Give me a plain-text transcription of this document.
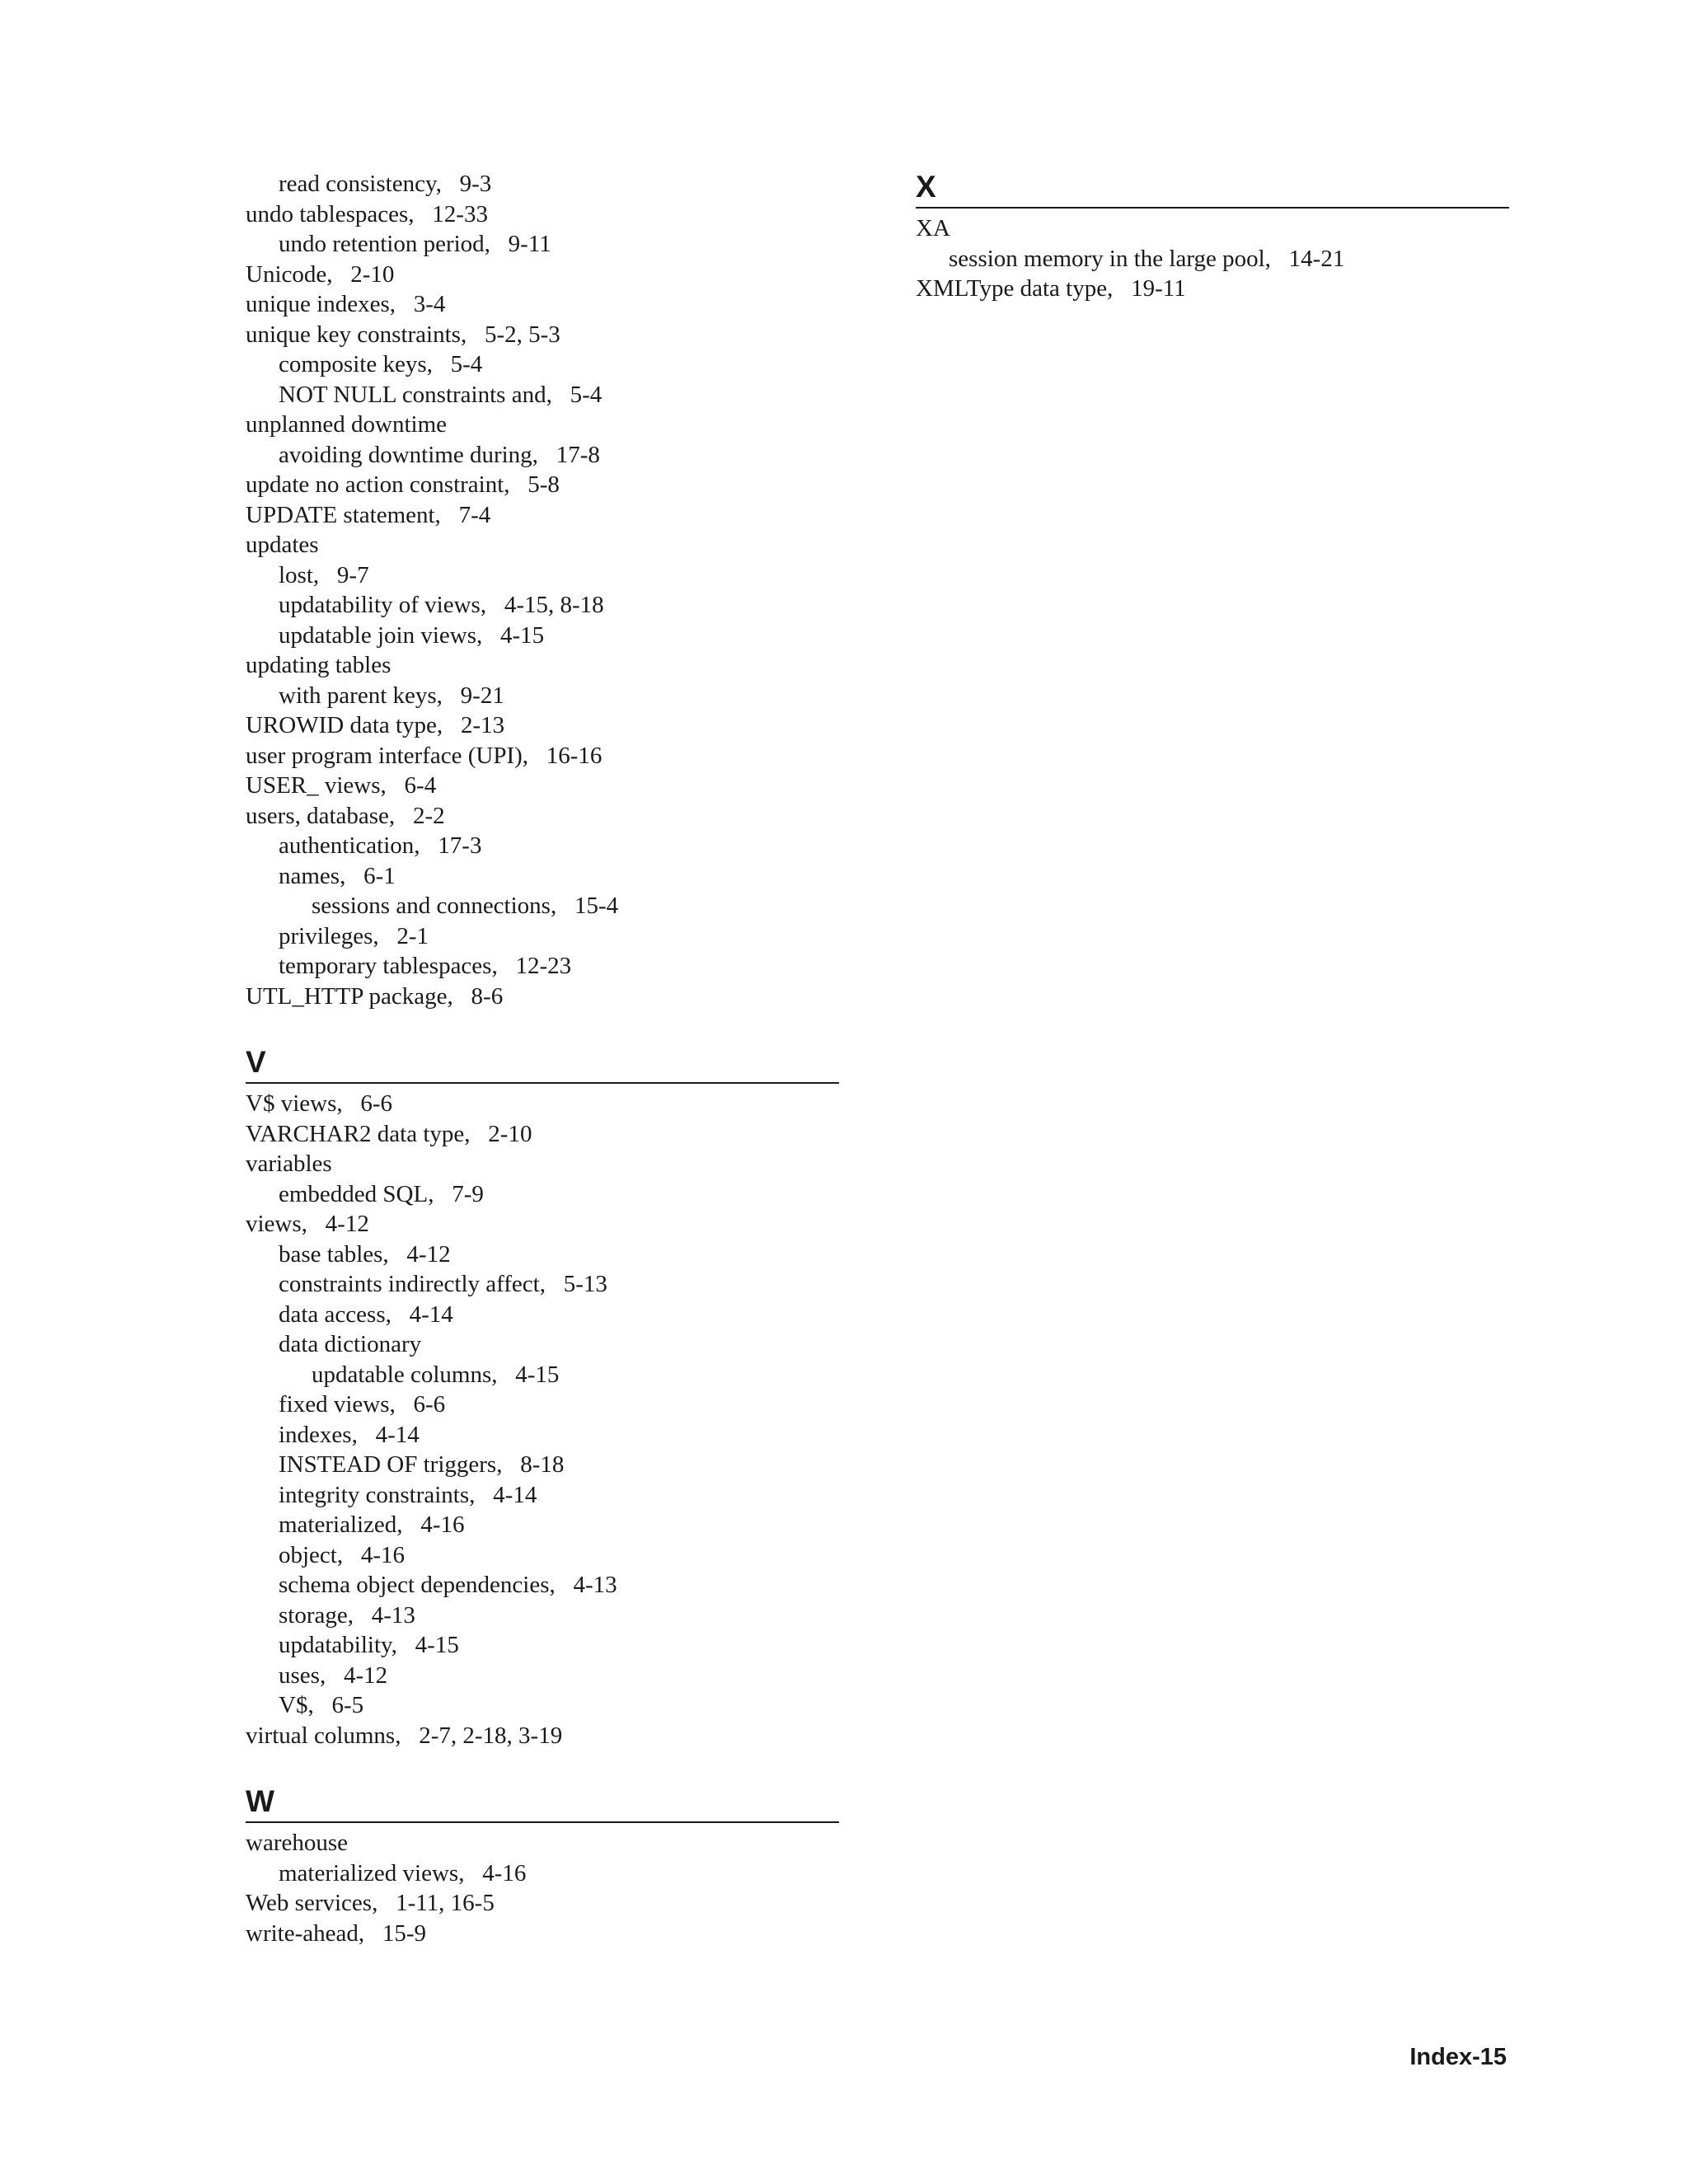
read consistency, 9-3
undo tablespaces, 12-33
undo retention period, 9-11
Unicode, 2-10
unique indexes, 3-4
unique key constraints, 5-2, 5-3
composite keys, 5-4
NOT NULL constraints and, 5-4
unplanned downtime
avoiding downtime during, 17-8
update no action constraint, 5-8
UPDATE statement, 7-4
updates
lost, 9-7
updatability of views, 4-15, 8-18
updatable join views, 4-15
updating tables
with parent keys, 9-21
UROWID data type, 2-13
user program interface (UPI), 16-16
USER_ views, 6-4
users, database, 2-2
authentication, 17-3
names, 6-1
sessions and connections, 15-4
privileges, 2-1
temporary tablespaces, 12-23
UTL_HTTP package, 8-6
V
V$ views, 6-6
VARCHAR2 data type, 2-10
variables
embedded SQL, 7-9
views, 4-12
base tables, 4-12
constraints indirectly affect, 5-13
data access, 4-14
data dictionary
updatable columns, 4-15
fixed views, 6-6
indexes, 4-14
INSTEAD OF triggers, 8-18
integrity constraints, 4-14
materialized, 4-16
object, 4-16
schema object dependencies, 4-13
storage, 4-13
updatability, 4-15
uses, 4-12
V$, 6-5
virtual columns, 2-7, 2-18, 3-19
W
warehouse
materialized views, 4-16
Web services, 1-11, 16-5
write-ahead, 15-9
X
XA
session memory in the large pool, 14-21
XMLType data type, 19-11
Index-15
